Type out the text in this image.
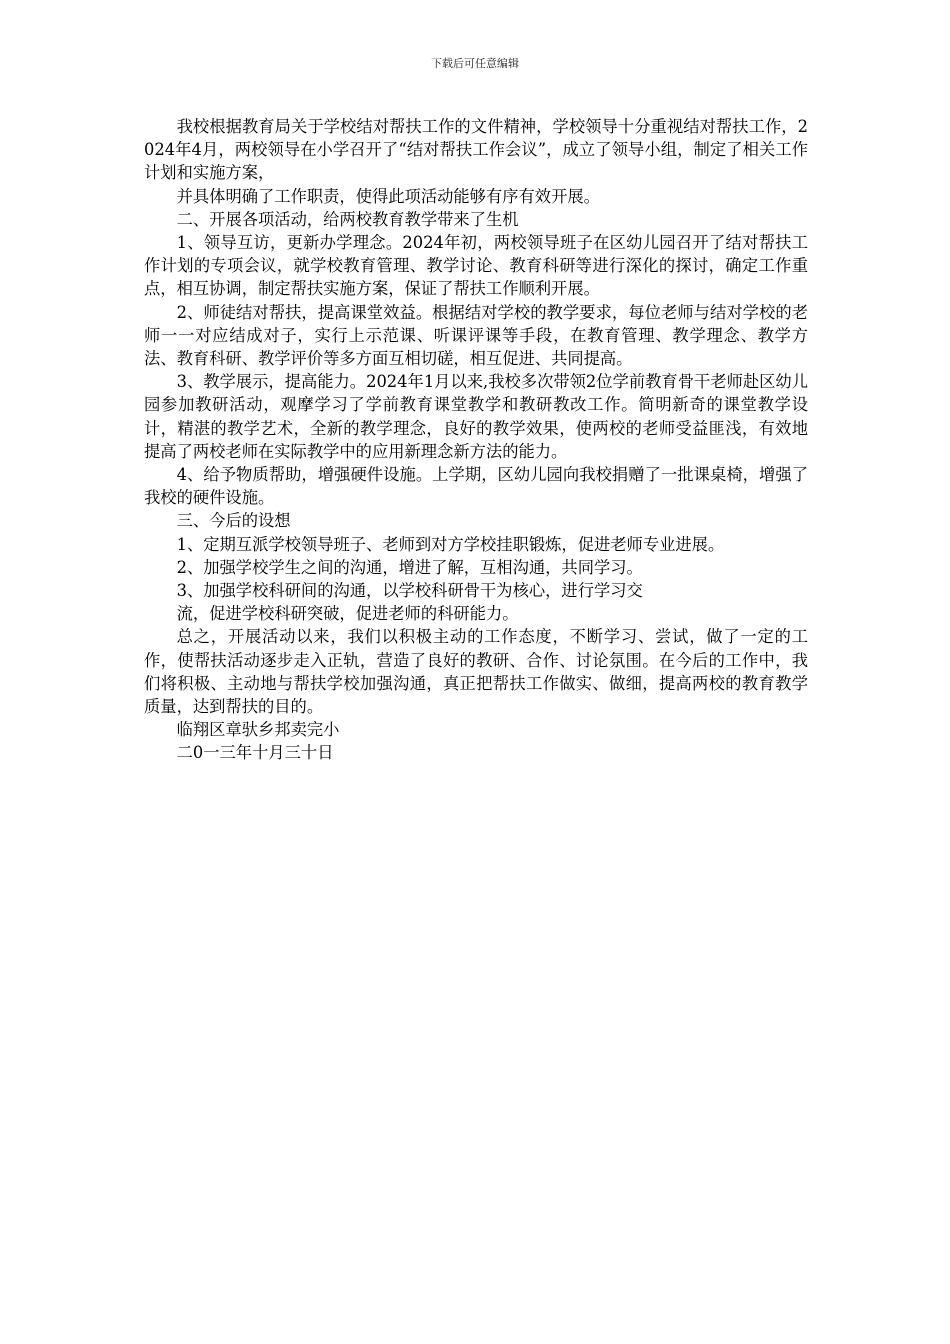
下载后可任意编辑

我校根据教育局关于学校结对帮扶工作的文件精神，学校领导十分重视结对帮扶工作，2024年4月，两校领导在小学召开了“结对帮扶工作会议”，成立了领导小组，制定了相关工作计划和实施方案，

并具体明确了工作职责，使得此项活动能够有序有效开展。

二、开展各项活动，给两校教育教学带来了生机

1、领导互访，更新办学理念。2024年初，两校领导班子在区幼儿园召开了结对帮扶工作计划的专项会议，就学校教育管理、教学讨论、教育科研等进行深化的探讨，确定工作重点，相互协调，制定帮扶实施方案，保证了帮扶工作顺利开展。

2、师徒结对帮扶，提高课堂效益。根据结对学校的教学要求，每位老师与结对学校的老师一一对应结成对子，实行上示范课、听课评课等手段，在教育管理、教学理念、教学方法、教育科研、教学评价等多方面互相切磋，相互促进、共同提高。

3、教学展示，提高能力。2024年1月以来,我校多次带领2位学前教育骨干老师赴区幼儿园参加教研活动，观摩学习了学前教育课堂教学和教研教改工作。简明新奇的课堂教学设计，精湛的教学艺术，全新的教学理念，良好的教学效果，使两校的老师受益匪浅，有效地提高了两校老师在实际教学中的应用新理念新方法的能力。

4、给予物质帮助，增强硬件设施。上学期，区幼儿园向我校捐赠了一批课桌椅，增强了我校的硬件设施。

三、今后的设想

1、定期互派学校领导班子、老师到对方学校挂职锻炼，促进老师专业进展。

2、加强学校学生之间的沟通，增进了解，互相沟通，共同学习。

3、加强学校科研间的沟通，以学校科研骨干为核心，进行学习交

流，促进学校科研突破，促进老师的科研能力。

总之，开展活动以来，我们以积极主动的工作态度，不断学习、尝试，做了一定的工作，使帮扶活动逐步走入正轨，营造了良好的教研、合作、讨论氛围。在今后的工作中，我们将积极、主动地与帮扶学校加强沟通，真正把帮扶工作做实、做细，提高两校的教育教学质量，达到帮扶的目的。

临翔区章驮乡邦卖完小

二0一三年十月三十日
